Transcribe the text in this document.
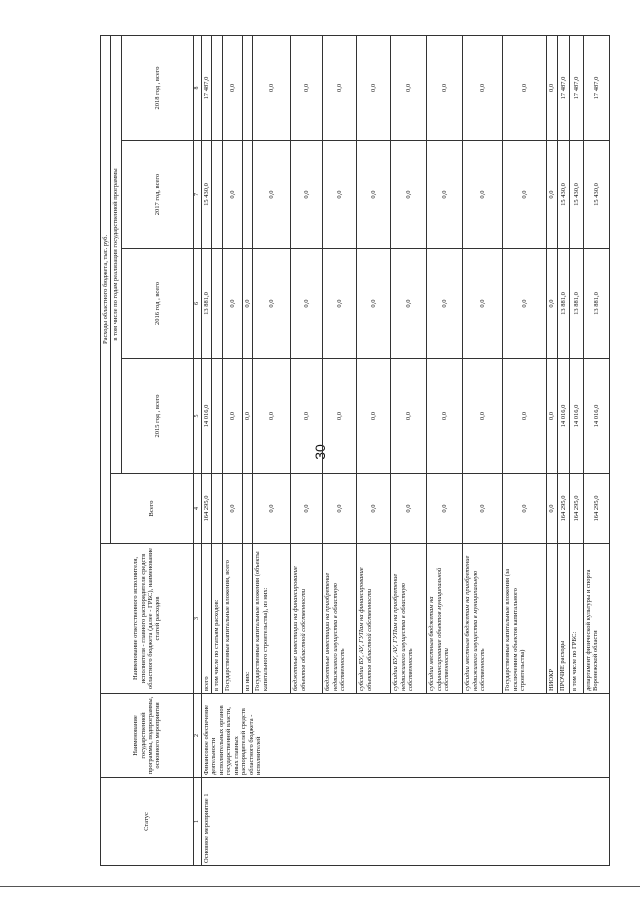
30
Статус	Наименование государственной программы, подпрограммы, основного мероприятия	Наименование ответственного исполнителя, исполнителя - главного распорядителя средств областного бюджета (далее - ГРБС), наименование статей расходов	Расходы областного бюджета, тыс. руб.				
			Всего	в том числе по годам реализации государственной программы			
				2015 год , всего	2016 год , всего	2017 год, всего	2018 год , всего
1	2	3	4	5	6	7	8
Основное мероприятие 1	Финансовое обеспечение деятельности исполнительных органов государственной власти, иных главных распорядителей средств областного бюджета - исполнителей	всего	164 295,0	14 016,0	13 881,0	15 430,0	17 487,0
		в том числе по статьям расходов:					
		Государственные капитальные вложения, всего	0,0	0,0	0,0	0,0	0,0
		из них:		0,0	0,0		
		Государственные капитальные вложения (объекты капитального строительства), из них:	0,0	0,0	0,0	0,0	0,0
		бюджетные инвестиции на финансирование объектов областной собственности	0,0	0,0	0,0	0,0	0,0
		бюджетные инвестиции на приобретение недвижимого имущества в областную собственность	0,0	0,0	0,0	0,0	0,0
		субсидии БУ, АУ, ГУПам на финансирование объектов областной собственности	0,0	0,0	0,0	0,0	0,0
		субсидии БУ, АУ, ГУПам на приобретение недвижимого имущества в областную собственность	0,0	0,0	0,0	0,0	0,0
		субсидии местным бюджетам на софинансирование объектов муниципальной собственности	0,0	0,0	0,0	0,0	0,0
		субсидии местным бюджетам на приобретение недвижимого имущества в муниципальную собственность	0,0	0,0	0,0	0,0	0,0
		Государственные капитальные вложения (за исключением объектов капитального строительства)	0,0	0,0	0,0	0,0	0,0
		НИОКР	0,0	0,0	0,0	0,0	0,0
		ПРОЧИЕ расходы	164 295,0	14 016,0	13 881,0	15 430,0	17 487,0
		в том числе по ГРБС:	164 295,0	14 016,0	13 881,0	15 430,0	17 487,0
		департамент физической культуры и спорта Воронежской области	164 295,0	14 016,0	13 881,0	15 430,0	17 487,0
